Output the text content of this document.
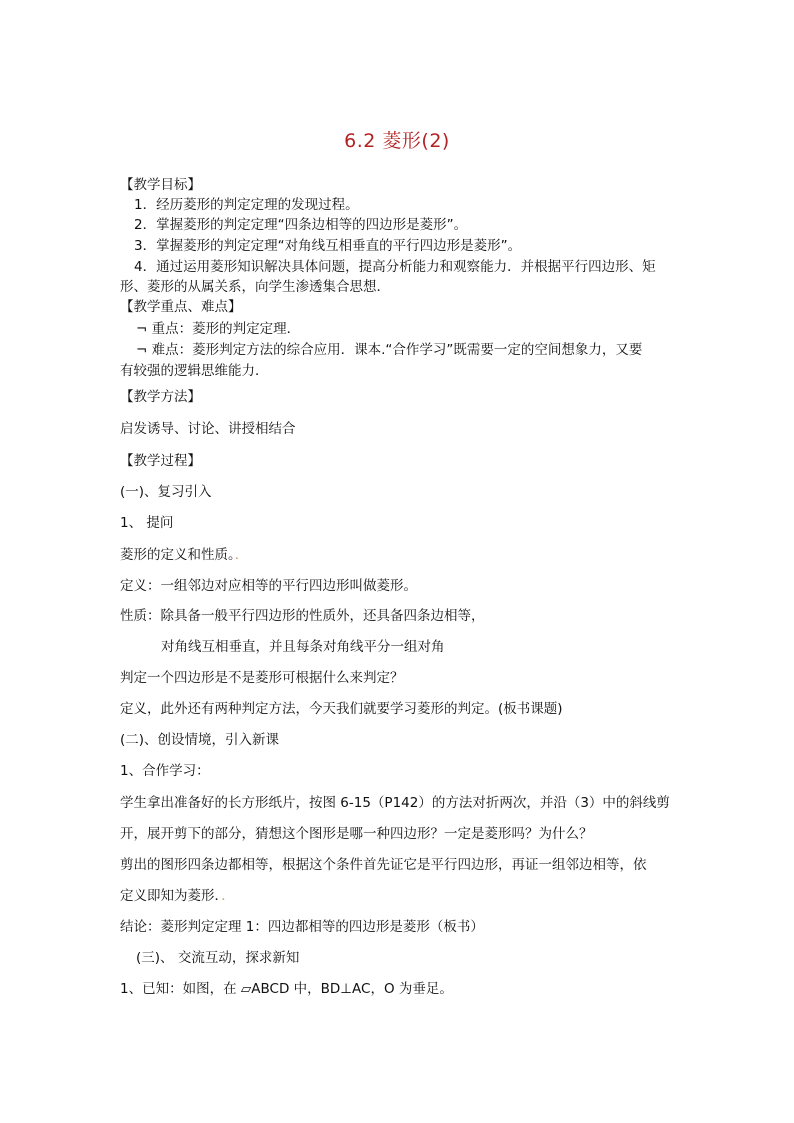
6.2 菱形(2)
【教学目标】
1．经历菱形的判定定理的发现过程。
2．掌握菱形的判定定理“四条边相等的四边形是菱形”。
3．掌握菱形的判定定理“对角线互相垂直的平行四边形是菱形”。
4．通过运用菱形知识解决具体问题，提高分析能力和观察能力．并根据平行四边形、矩
形、菱形的从属关系，向学生渗透集合思想．
【教学重点、难点】
¬ 重点：菱形的判定定理．
¬ 难点：菱形判定方法的综合应用．课本.“合作学习”既需要一定的空间想象力，又要
有较强的逻辑思维能力．
【教学方法】
启发诱导、讨论、讲授相结合
【教学过程】
(一)、复习引入
1、 提问
菱形的定义和性质。．
定义：一组邻边对应相等的平行四边形叫做菱形。
性质：除具备一般平行四边形的性质外，还具备四条边相等，
对角线互相垂直，并且每条对角线平分一组对角
判定一个四边形是不是菱形可根据什么来判定？
定义，此外还有两种判定方法，今天我们就要学习菱形的判定。(板书课题)
(二)、创设情境，引入新课
1、合作学习：
学生拿出准备好的长方形纸片，按图 6-15（P142）的方法对折两次，并沿（3）中的斜线剪
开，展开剪下的部分，猜想这个图形是哪一种四边形？一定是菱形吗？为什么？
剪出的图形四条边都相等，根据这个条件首先证它是平行四边形，再证一组邻边相等，依
定义即知为菱形．．
结论：菱形判定定理 1：四边都相等的四边形是菱形（板书）
(三)、 交流互动，探求新知
1、已知：如图，在 ▱ABCD 中，BD⊥AC，O 为垂足。
